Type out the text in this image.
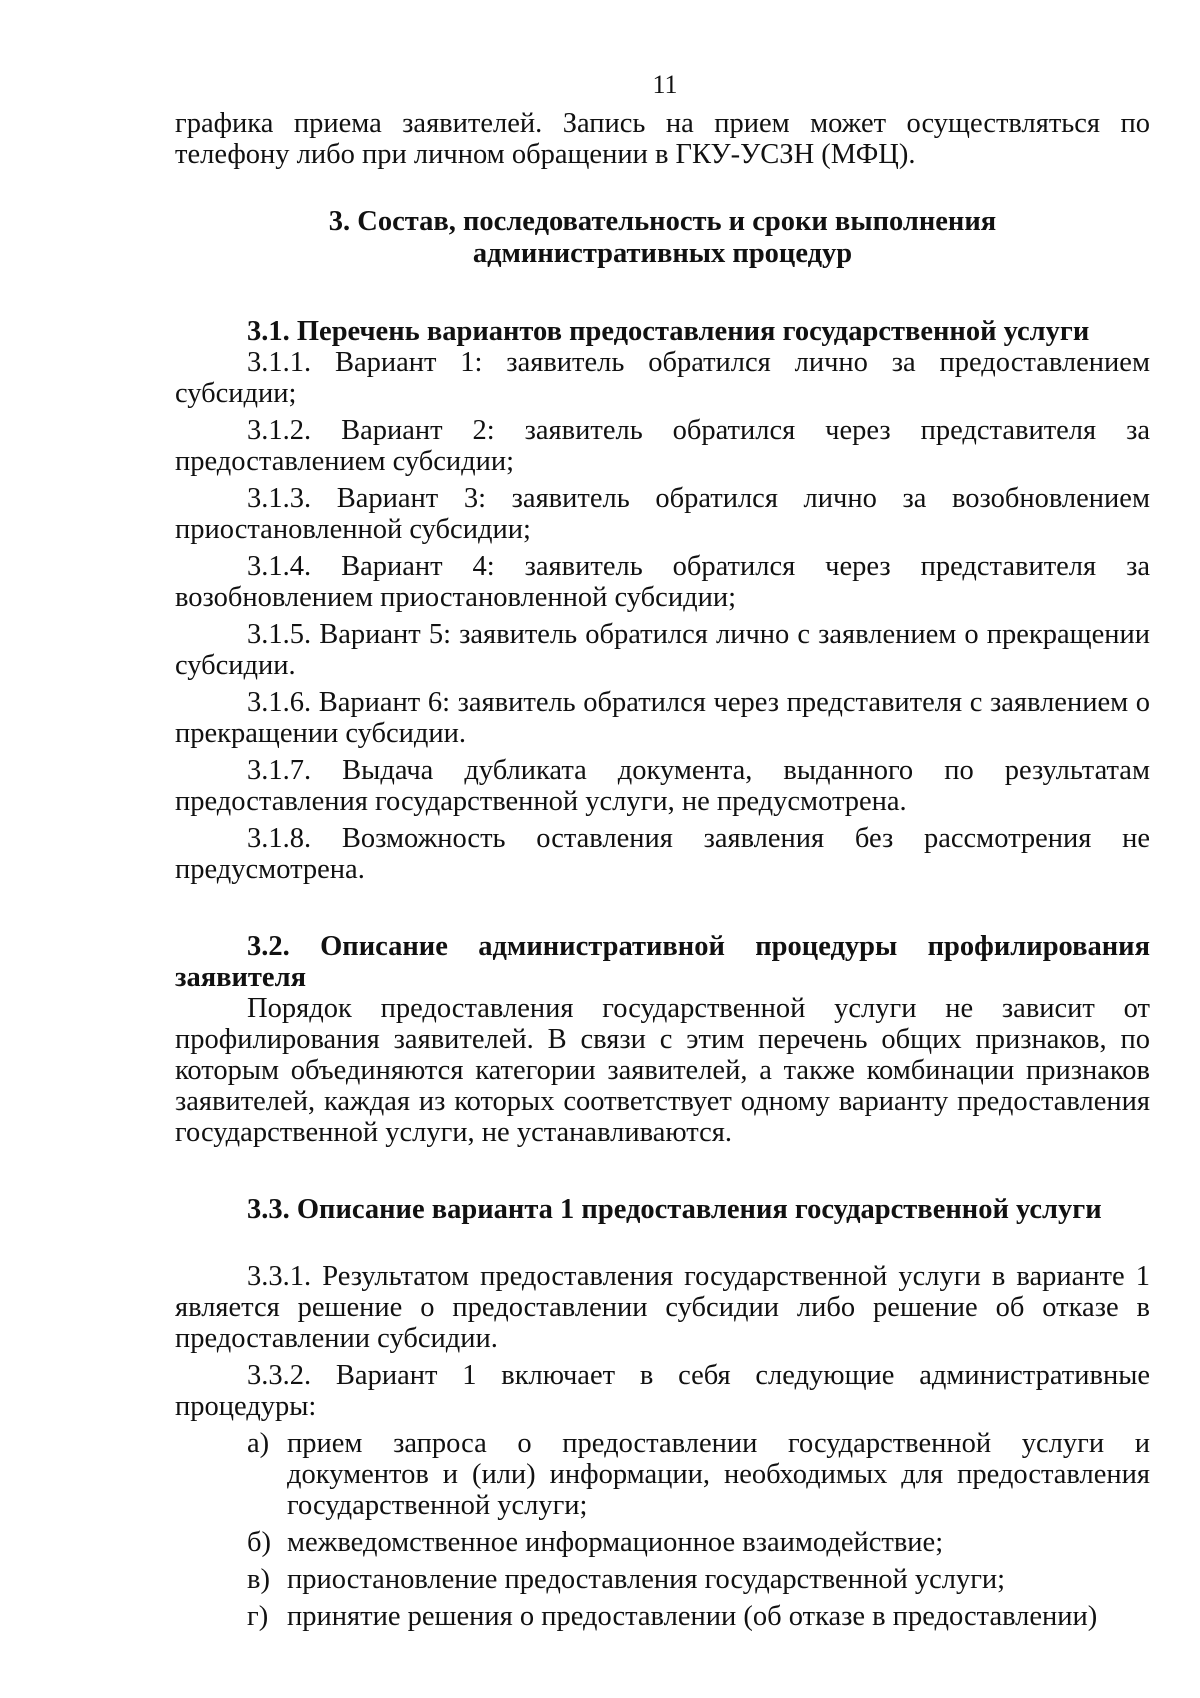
11

графика приема заявителей. Запись на прием может осуществляться по телефону либо при личном обращении в ГКУ-УСЗН (МФЦ).

3. Состав, последовательность и сроки выполнения

административных процедур

3.1. Перечень вариантов предоставления государственной услуги

3.1.1. Вариант 1: заявитель обратился лично за предоставлением субсидии;

3.1.2. Вариант 2: заявитель обратился через представителя за предоставлением субсидии;

3.1.3. Вариант 3: заявитель обратился лично за возобновлением приостановленной субсидии;

3.1.4. Вариант 4: заявитель обратился через представителя за возобновлением приостановленной субсидии;

3.1.5. Вариант 5: заявитель обратился лично с заявлением о прекращении субсидии.

3.1.6. Вариант 6: заявитель обратился через представителя с заявлением о прекращении субсидии.

3.1.7. Выдача дубликата документа, выданного по результатам предоставления государственной услуги, не предусмотрена.

3.1.8. Возможность оставления заявления без рассмотрения не предусмотрена.

3.2. Описание административной процедуры профилирования заявителя

Порядок предоставления государственной услуги не зависит от профилирования заявителей. В связи с этим перечень общих признаков, по которым объединяются категории заявителей, а также комбинации признаков заявителей, каждая из которых соответствует одному варианту предоставления государственной услуги, не устанавливаются.

3.3. Описание варианта 1 предоставления государственной услуги

3.3.1. Результатом предоставления государственной услуги в варианте 1 является решение о предоставлении субсидии либо решение об отказе в предоставлении субсидии.

3.3.2. Вариант 1 включает в себя следующие административные процедуры:

а) прием запроса о предоставлении государственной услуги и документов и (или) информации, необходимых для предоставления государственной услуги;
б) межведомственное информационное взаимодействие;
в) приостановление предоставления государственной услуги;
г) принятие решения о предоставлении (об отказе в предоставлении)
